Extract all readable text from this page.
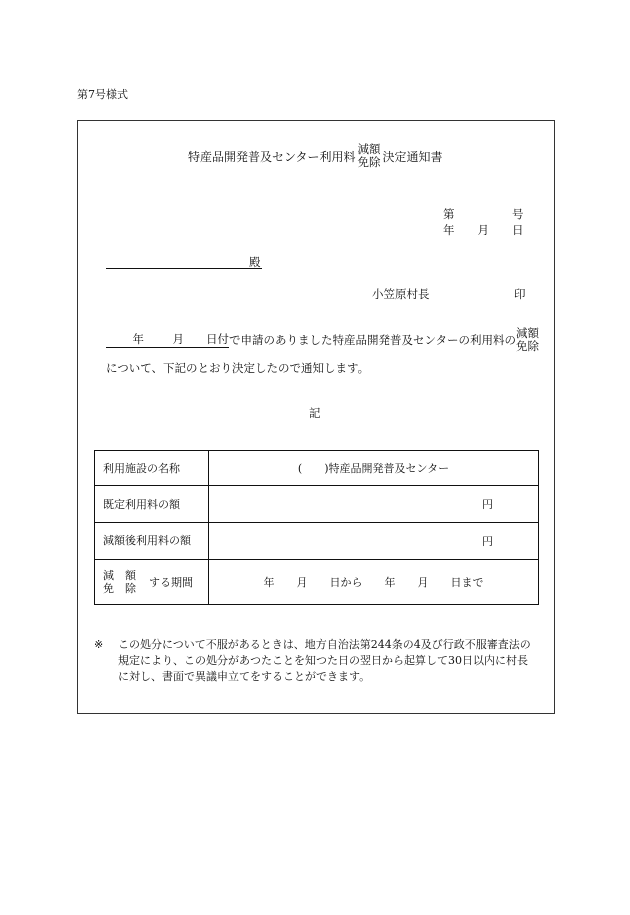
第7号様式
特産品開発普及センター利用料
減額
免除 決定通知書
第　　　　　号
年　　月　　日
殿
小笠原村長	印
年	月	日付 で申請のありました特産品開発普及センターの利用料の 減額
免除
について、下記のとおり決定したので通知します。
記
利用施設の名称	(　　)特産品開発普及センター
既定利用料の額	円
減額後利用料の額	円

減額
免除 する期間	年　　月　　日から　　年　　月　　日まで
※ この処分について不服があるときは、地方自治法第244条の4及び行政不服審査法の規定により、この処分があつたことを知つた日の翌日から起算して30日以内に村長に対し、書面で異議申立てをすることができます。
